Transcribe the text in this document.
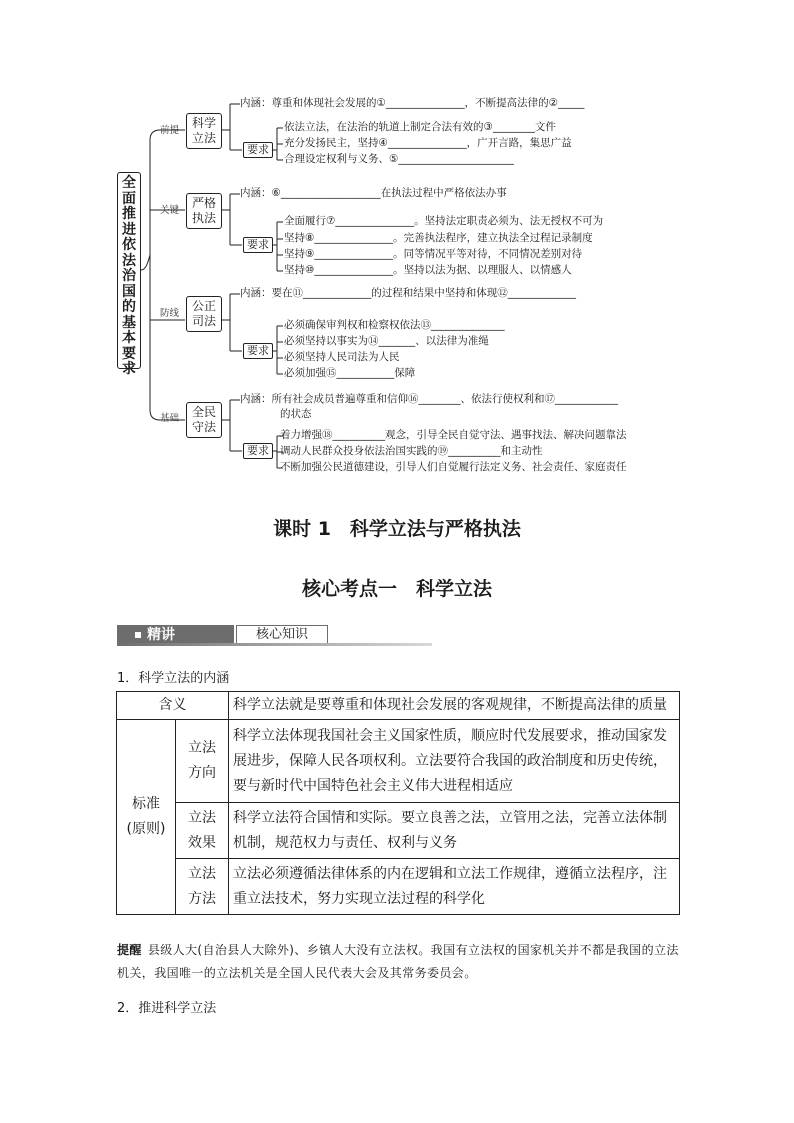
全面推进依法治国的基本要求
前提
关键
防线
基础
科学立法
严格执法
公正司法
全民守法
内涵：尊重和体现社会发展的①_______________，不断提高法律的②_____
要求
依法立法，在法治的轨道上制定合法有效的③________文件
充分发扬民主，坚持④_______________，广开言路，集思广益
合理设定权利与义务、⑤______________________
内涵：⑥___________________在执法过程中严格依法办事
要求
全面履行⑦_______________。坚持法定职责必须为、法无授权不可为
坚持⑧_______________。完善执法程序，建立执法全过程记录制度
坚持⑨_______________。同等情况平等对待，不同情况差别对待
坚持⑩_______________。坚持以法为据、以理服人、以情感人
内涵：要在⑪_____________的过程和结果中坚持和体现⑫_____________
要求
必须确保审判权和检察权依法⑬______________
必须坚持以事实为⑭_______、以法律为准绳
必须坚持人民司法为人民
必须加强⑮___________保障
内涵：所有社会成员普遍尊重和信仰⑯________、依法行使权利和⑰____________
的状态
要求
着力增强⑱__________观念，引导全民自觉守法、遇事找法、解决问题靠法
调动人民群众投身依法治国实践的⑲__________和主动性
不断加强公民道德建设，引导人们自觉履行法定义务、社会责任、家庭责任
课时 1　科学立法与严格执法
核心考点一　科学立法
精讲	核心知识
1．科学立法的内涵
含义		科学立法就是要尊重和体现社会发展的客观规律，不断提高法律的质量
标准(原则)	立法方向	科学立法体现我国社会主义国家性质，顺应时代发展要求，推动国家发展进步，保障人民各项权利。立法要符合我国的政治制度和历史传统，要与新时代中国特色社会主义伟大进程相适应
	立法效果	科学立法符合国情和实际。要立良善之法，立管用之法，完善立法体制机制，规范权力与责任、权利与义务
	立法方法	立法必须遵循法律体系的内在逻辑和立法工作规律，遵循立法程序，注重立法技术，努力实现立法过程的科学化
提醒 县级人大(自治县人大除外)、乡镇人大没有立法权。我国有立法权的国家机关并不都是我国的立法机关，我国唯一的立法机关是全国人民代表大会及其常务委员会。
2．推进科学立法
